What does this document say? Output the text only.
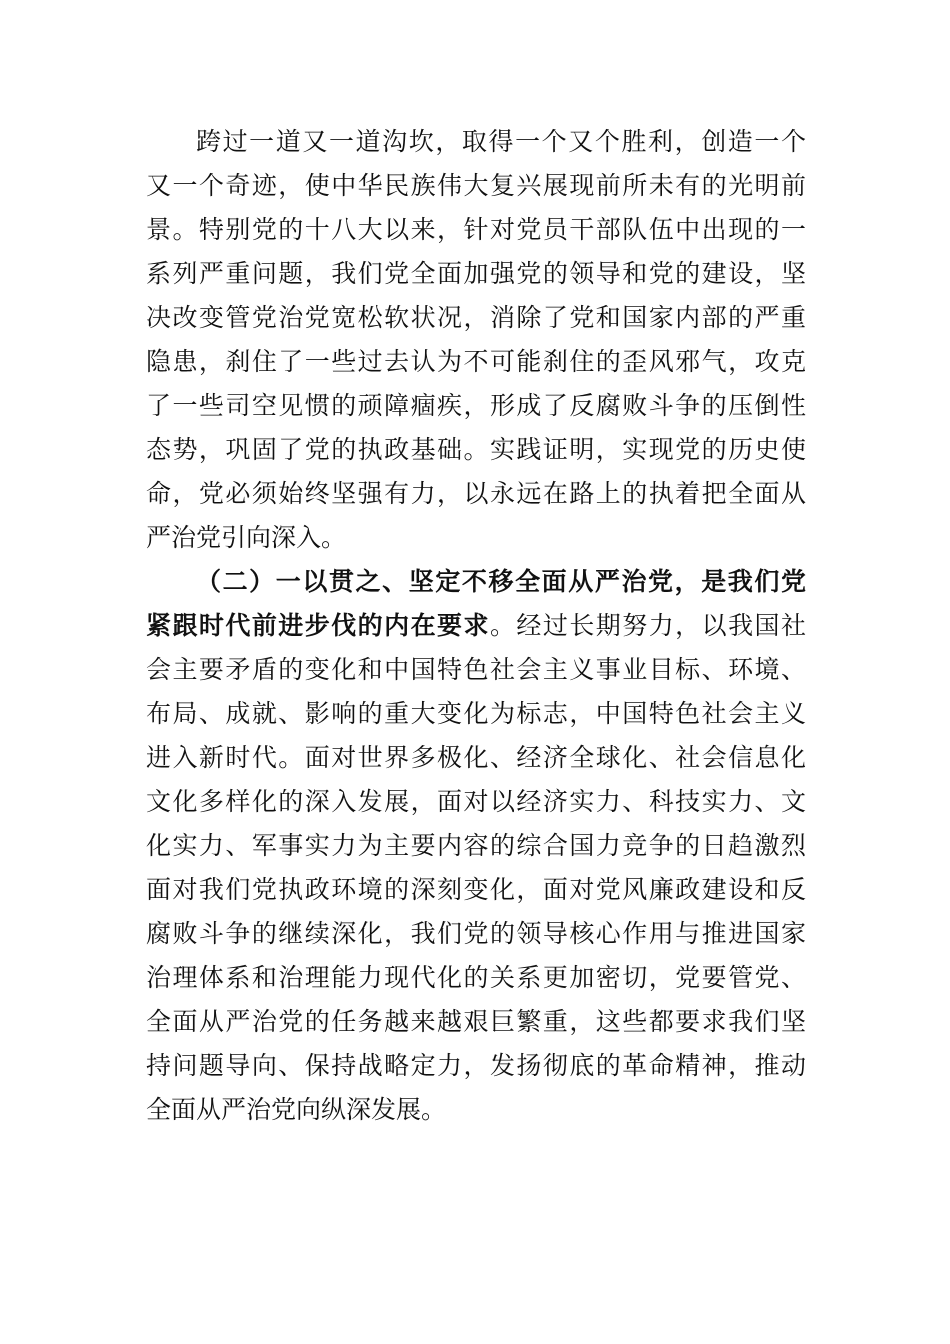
跨过一道又一道沟坎，取得一个又个胜利，创造一个
又一个奇迹，使中华民族伟大复兴展现前所未有的光明前
景。特别党的十八大以来，针对党员干部队伍中出现的一
系列严重问题，我们党全面加强党的领导和党的建设，坚
决改变管党治党宽松软状况，消除了党和国家内部的严重
隐患，刹住了一些过去认为不可能刹住的歪风邪气，攻克
了一些司空见惯的顽障痼疾，形成了反腐败斗争的压倒性
态势，巩固了党的执政基础。实践证明，实现党的历史使
命，党必须始终坚强有力，以永远在路上的执着把全面从
严治党引向深入。
（二）一以贯之、坚定不移全面从严治党，是我们党
紧跟时代前进步伐的内在要求。经过长期努力，以我国社
会主要矛盾的变化和中国特色社会主义事业目标、环境、
布局、成就、影响的重大变化为标志，中国特色社会主义
进入新时代。面对世界多极化、经济全球化、社会信息化
文化多样化的深入发展，面对以经济实力、科技实力、文
化实力、军事实力为主要内容的综合国力竞争的日趋激烈
面对我们党执政环境的深刻变化，面对党风廉政建设和反
腐败斗争的继续深化，我们党的领导核心作用与推进国家
治理体系和治理能力现代化的关系更加密切，党要管党、
全面从严治党的任务越来越艰巨繁重，这些都要求我们坚
持问题导向、保持战略定力，发扬彻底的革命精神，推动
全面从严治党向纵深发展。
